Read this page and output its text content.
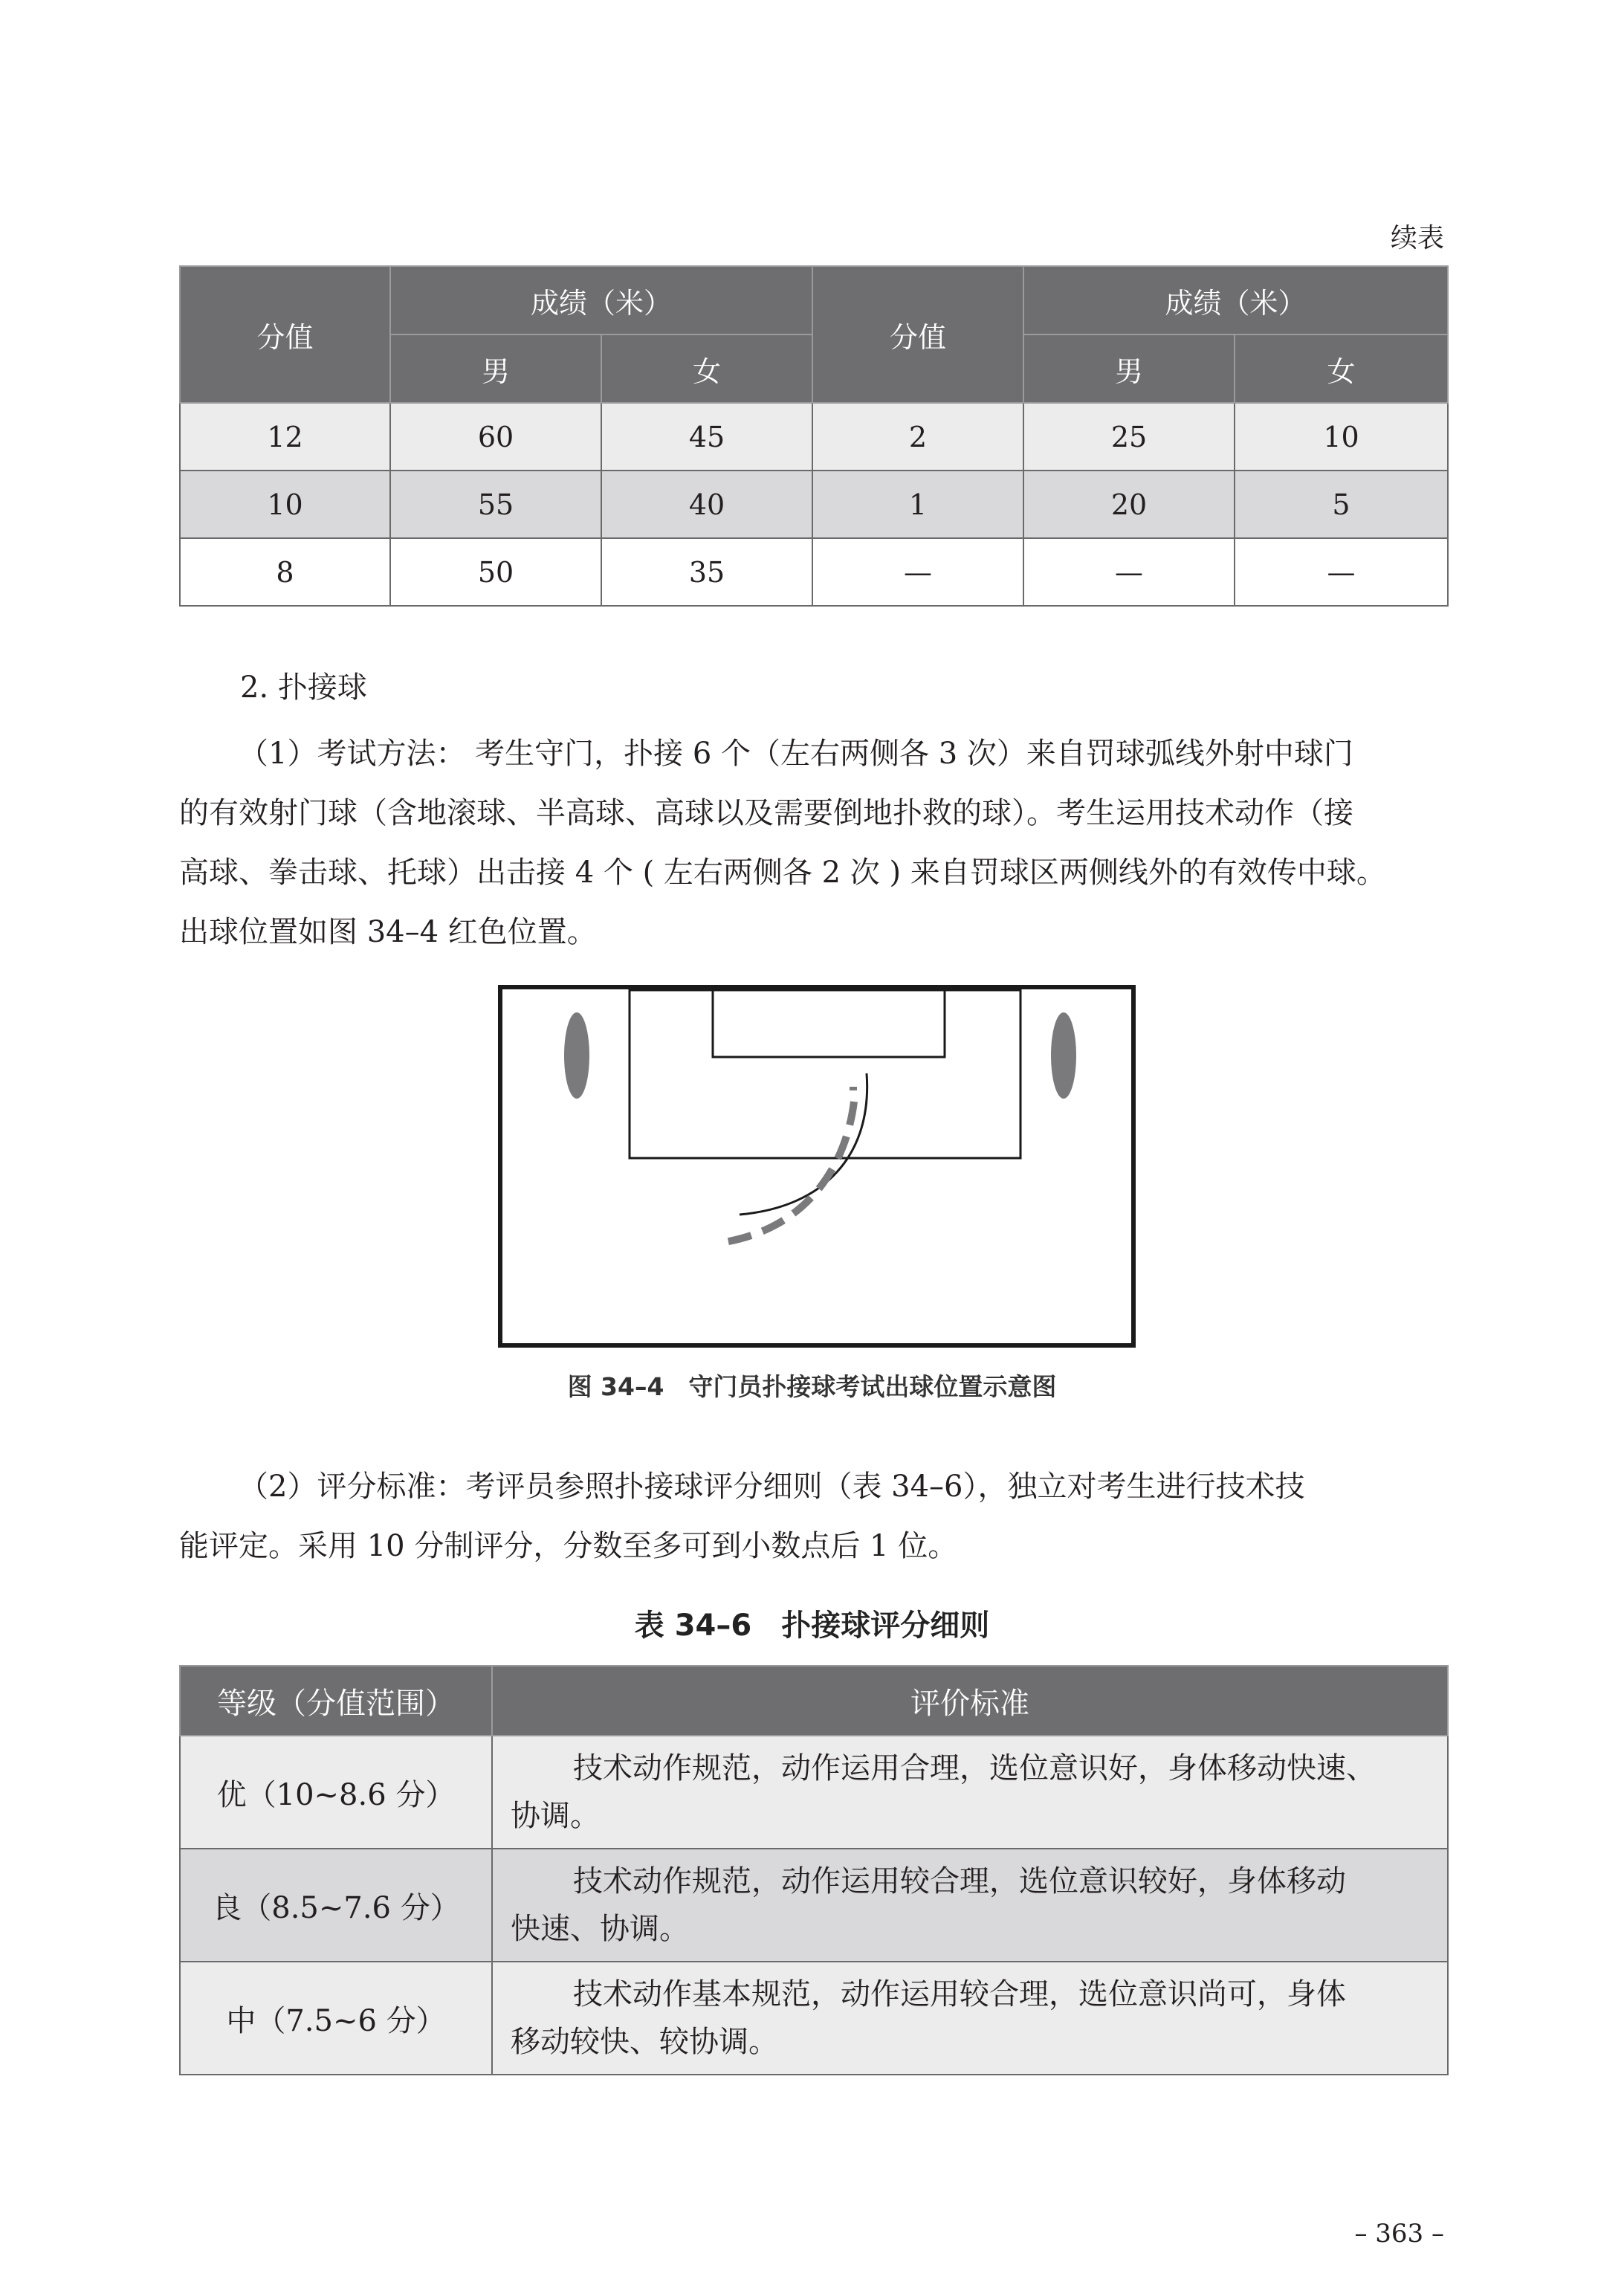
续表
分值	成绩（米）		分值	成绩（米）	
	男	女		男	女
12	60	45	2	25	10
10	55	40	1	20	5
8	50	35	—	—	—
2. 扑接球
（1）考试方法： 考生守门，扑接 6 个（左右两侧各 3 次）来自罚球弧线外射中球门
的有效射门球（含地滚球、半高球、高球以及需要倒地扑救的球）。考生运用技术动作（接
高球、拳击球、托球）出击接 4 个 ( 左右两侧各 2 次 ) 来自罚球区两侧线外的有效传中球。
出球位置如图 34–4 红色位置。
图 34–4　守门员扑接球考试出球位置示意图
（2）评分标准：考评员参照扑接球评分细则（表 34–6），独立对考生进行技术技
能评定。采用 10 分制评分，分数至多可到小数点后 1 位。
表 34–6　扑接球评分细则
等级（分值范围）	评价标准
优（10~8.6 分）	技术动作规范，动作运用合理，选位意识好，身体移动快速、
协调。

良（8.5~7.6 分）	技术动作规范，动作运用较合理，选位意识较好，身体移动
快速、协调。

中（7.5~6 分）	技术动作基本规范，动作运用较合理，选位意识尚可，身体
移动较快、较协调。
– 363 –
